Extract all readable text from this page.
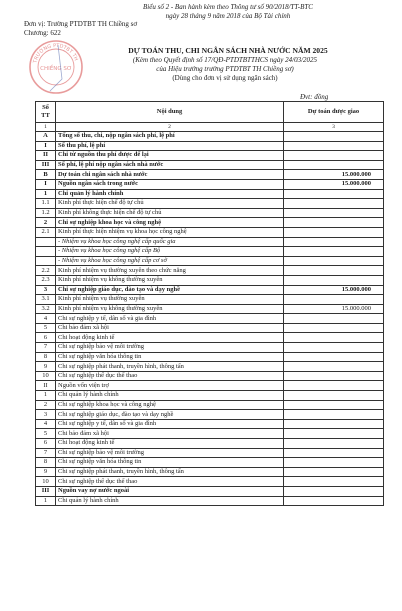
Biểu số 2 - Ban hành kèm theo Thông tư số 90/2018/TT-BTC
ngày 28 tháng 9 năm 2018 của Bộ Tài chính
Đơn vị: Trường PTDTBT TH Chiềng sơ
Chương: 622
TRƯỜNG PTDTBT TH
CHIỀNG SƠ
DỰ TOÁN THU, CHI NGÂN SÁCH NHÀ NƯỚC NĂM 2025
(Kèm theo Quyết định số 17/QĐ-PTDTBTTHCS ngày 24/03/2025
của Hiệu trưởng trường PTDTBT TH Chiềng sơ)
(Dùng cho đơn vị sử dụng ngân sách)
Đvt: đồng
Số TT	Nội dung	Dự toán được giao
1	2	3
A	Tổng số thu, chi, nộp ngân sách phí, lệ phí	
I	Số thu phí, lệ phí	
II	Chi từ nguồn thu phí được để lại	
III	Số phí, lệ phí nộp ngân sách nhà nước	
B	Dự toán chi ngân sách nhà nước	15.000.000
I	Nguồn ngân sách trong nước	15.000.000
1	Chi quản lý hành chính	
1.1	Kinh phí thực hiện chế độ tự chủ	
1.2	Kinh phí không thực hiện chế độ tự chủ	
2	Chi sự nghiệp khoa học và công nghệ	
2.1	Kinh phí thực hiện nhiệm vụ khoa học công nghệ	
	- Nhiệm vụ khoa học công nghệ cấp quốc gia	
	- Nhiệm vụ khoa học công nghệ cấp Bộ	
	- Nhiệm vụ khoa học công nghệ cấp cơ sở	
2.2	Kinh phí nhiệm vụ thường xuyên theo chức năng	
2.3	Kinh phí nhiệm vụ không thường xuyên	
3	Chi sự nghiệp giáo dục, đào tạo và dạy nghề	15.000.000
3.1	Kinh phí nhiệm vụ thường xuyên	
3.2	Kinh phí nhiệm vụ không thường xuyên	15.000.000
4	Chi sự nghiệp y tế, dân số và gia đình	
5	Chi bảo đảm xã hội	
6	Chi hoạt động kinh tế	
7	Chi sự nghiệp bảo vệ môi trường	
8	Chi sự nghiệp văn hóa thông tin	
9	Chi sự nghiệp phát thanh, truyền hình, thông tấn	
10	Chi sự nghiệp thể dục thể thao	
II	Nguồn vốn viện trợ	
1	Chi quản lý hành chính	
2	Chi sự nghiệp khoa học và công nghệ	
3	Chi sự nghiệp giáo dục, đào tạo và dạy nghề	
4	Chi sự nghiệp y tế, dân số và gia đình	
5	Chi bảo đảm xã hội	
6	Chi hoạt động kinh tế	
7	Chi sự nghiệp bảo vệ môi trường	
8	Chi sự nghiệp văn hóa thông tin	
9	Chi sự nghiệp phát thanh, truyền hình, thông tấn	
10	Chi sự nghiệp thể dục thể thao	
III	Nguồn vay nợ nước ngoài	
1	Chi quản lý hành chính	
